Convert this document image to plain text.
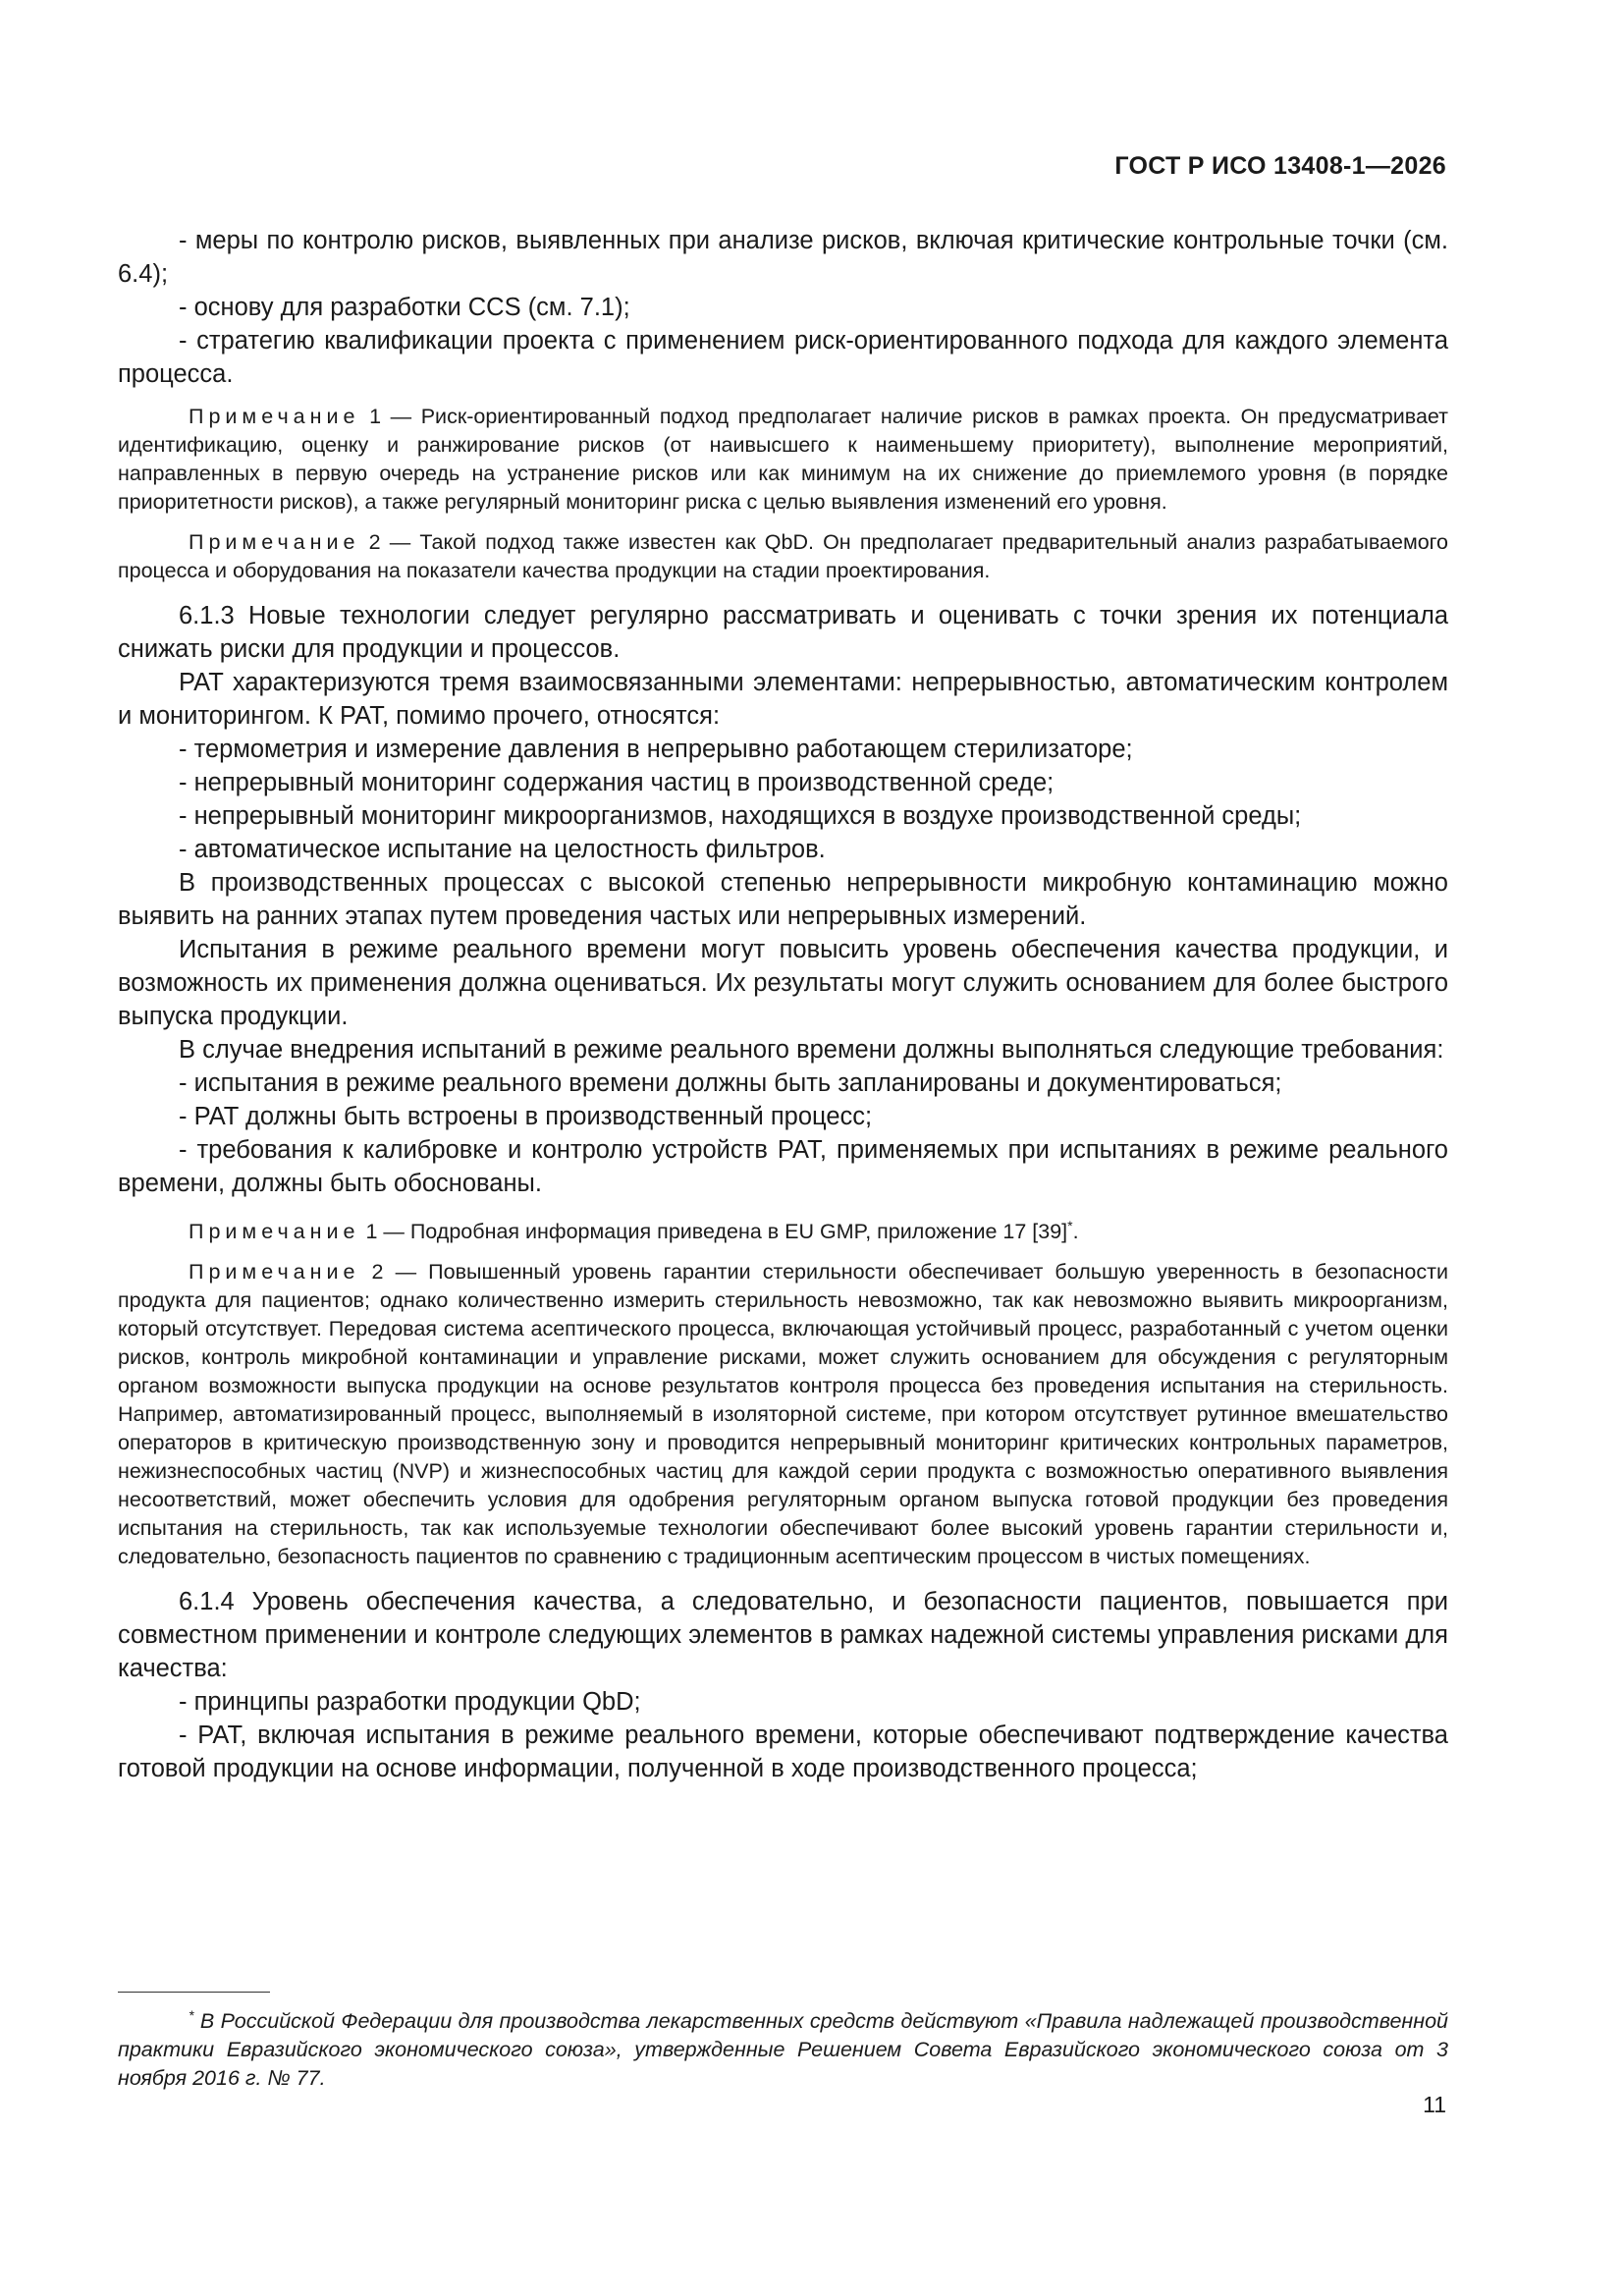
ГОСТ Р ИСО 13408-1—2026

- меры по контролю рисков, выявленных при анализе рисков, включая критические контрольные точки (см. 6.4);

- основу для разработки CCS (см. 7.1);

- стратегию квалификации проекта с применением риск-ориентированного подхода для каждого элемента процесса.

Примечание 1 — Риск-ориентированный подход предполагает наличие рисков в рамках проекта. Он предусматривает идентификацию, оценку и ранжирование рисков (от наивысшего к наименьшему приоритету), выполнение мероприятий, направленных в первую очередь на устранение рисков или как минимум на их снижение до приемлемого уровня (в порядке приоритетности рисков), а также регулярный мониторинг риска с целью выявления изменений его уровня.

Примечание 2 — Такой подход также известен как QbD. Он предполагает предварительный анализ разрабатываемого процесса и оборудования на показатели качества продукции на стадии проектирования.

6.1.3 Новые технологии следует регулярно рассматривать и оценивать с точки зрения их потенциала снижать риски для продукции и процессов.

PAT характеризуются тремя взаимосвязанными элементами: непрерывностью, автоматическим контролем и мониторингом. К PAT, помимо прочего, относятся:

- термометрия и измерение давления в непрерывно работающем стерилизаторе;

- непрерывный мониторинг содержания частиц в производственной среде;

- непрерывный мониторинг микроорганизмов, находящихся в воздухе производственной среды;

- автоматическое испытание на целостность фильтров.

В производственных процессах с высокой степенью непрерывности микробную контаминацию можно выявить на ранних этапах путем проведения частых или непрерывных измерений.

Испытания в режиме реального времени могут повысить уровень обеспечения качества продукции, и возможность их применения должна оцениваться. Их результаты могут служить основанием для более быстрого выпуска продукции.

В случае внедрения испытаний в режиме реального времени должны выполняться следующие требования:

- испытания в режиме реального времени должны быть запланированы и документироваться;

- PAT должны быть встроены в производственный процесс;

- требования к калибровке и контролю устройств PAT, применяемых при испытаниях в режиме реального времени, должны быть обоснованы.

Примечание 1 — Подробная информация приведена в EU GMP, приложение 17 [39]*.

Примечание 2 — Повышенный уровень гарантии стерильности обеспечивает большую уверенность в безопасности продукта для пациентов; однако количественно измерить стерильность невозможно, так как невозможно выявить микроорганизм, который отсутствует. Передовая система асептического процесса, включающая устойчивый процесс, разработанный с учетом оценки рисков, контроль микробной контаминации и управление рисками, может служить основанием для обсуждения с регуляторным органом возможности выпуска продукции на основе результатов контроля процесса без проведения испытания на стерильность. Например, автоматизированный процесс, выполняемый в изоляторной системе, при котором отсутствует рутинное вмешательство операторов в критическую производственную зону и проводится непрерывный мониторинг критических контрольных параметров, нежизнеспособных частиц (NVP) и жизнеспособных частиц для каждой серии продукта с возможностью оперативного выявления несоответствий, может обеспечить условия для одобрения регуляторным органом выпуска готовой продукции без проведения испытания на стерильность, так как используемые технологии обеспечивают более высокий уровень гарантии стерильности и, следовательно, безопасность пациентов по сравнению с традиционным асептическим процессом в чистых помещениях.

6.1.4 Уровень обеспечения качества, а следовательно, и безопасности пациентов, повышается при совместном применении и контроле следующих элементов в рамках надежной системы управления рисками для качества:

- принципы разработки продукции QbD;

- PAT, включая испытания в режиме реального времени, которые обеспечивают подтверждение качества готовой продукции на основе информации, полученной в ходе производственного процесса;

* В Российской Федерации для производства лекарственных средств действуют «Правила надлежащей производственной практики Евразийского экономического союза», утвержденные Решением Совета Евразийского экономического союза от 3 ноября 2016 г. № 77.

11
